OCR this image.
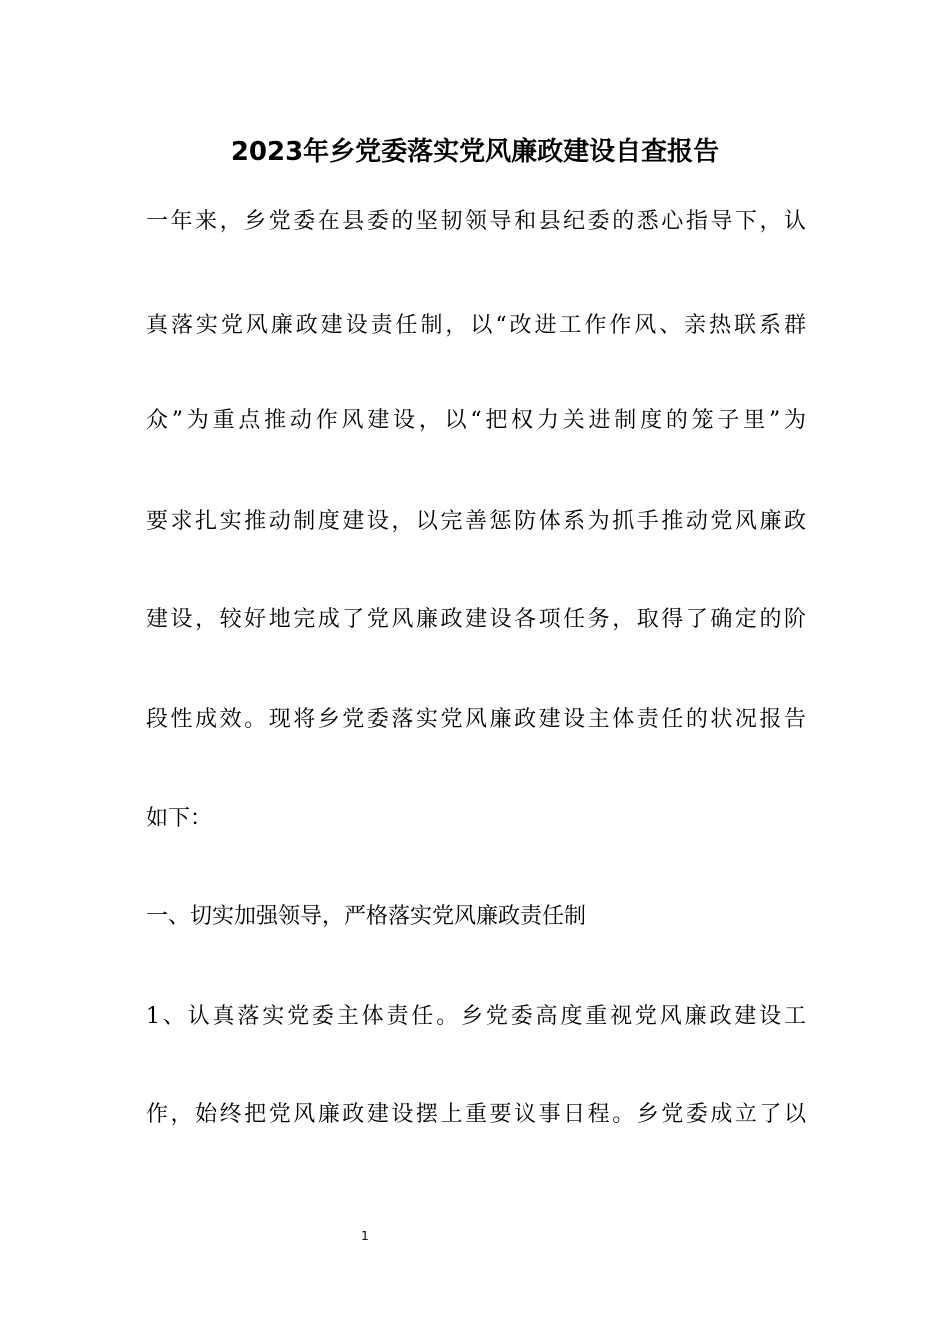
2023年乡党委落实党风廉政建设自查报告

一年来，乡党委在县委的坚韧领导和县纪委的悉心指导下，认

真落实党风廉政建设责任制，以“改进工作作风、亲热联系群

众”为重点推动作风建设，以“把权力关进制度的笼子里”为

要求扎实推动制度建设，以完善惩防体系为抓手推动党风廉政

建设，较好地完成了党风廉政建设各项任务，取得了确定的阶

段性成效。现将乡党委落实党风廉政建设主体责任的状况报告

如下：

一、切实加强领导，严格落实党风廉政责任制

1、认真落实党委主体责任。乡党委高度重视党风廉政建设工

作，始终把党风廉政建设摆上重要议事日程。乡党委成立了以

1
